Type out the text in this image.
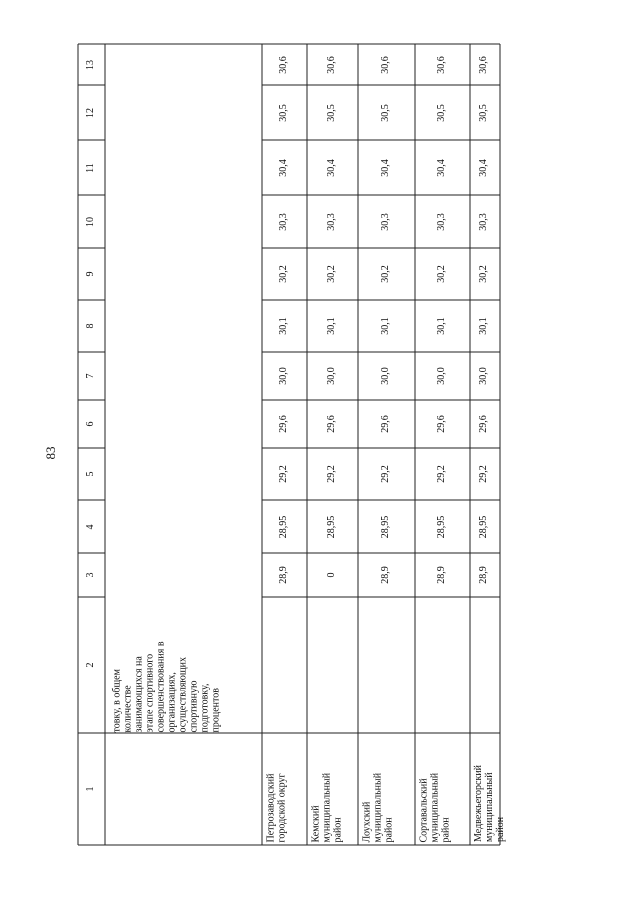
83
13
12
11
10
9
8
7
6
5
4
3
2
1
товку, в общем
количестве
занимающихся на
этапе спортивного
совершенствования в
организациях,
осуществляющих
спортивную
подготовку,
процентов
Петрозаводский
городской округ
28,9
28,95
29,2
29,6
30,0
30,1
30,2
30,3
30,4
30,5
30,6
Кемский
муниципальный
район
0
28,95
29,2
29,6
30,0
30,1
30,2
30,3
30,4
30,5
30,6
Лоухский
муниципальный
район
28,9
28,95
29,2
29,6
30,0
30,1
30,2
30,3
30,4
30,5
30,6
Сортавальский
муниципальный
район
28,9
28,95
29,2
29,6
30,0
30,1
30,2
30,3
30,4
30,5
30,6
Медвежьегорский
муниципальный
район
28,9
28,95
29,2
29,6
30,0
30,1
30,2
30,3
30,4
30,5
30,6
